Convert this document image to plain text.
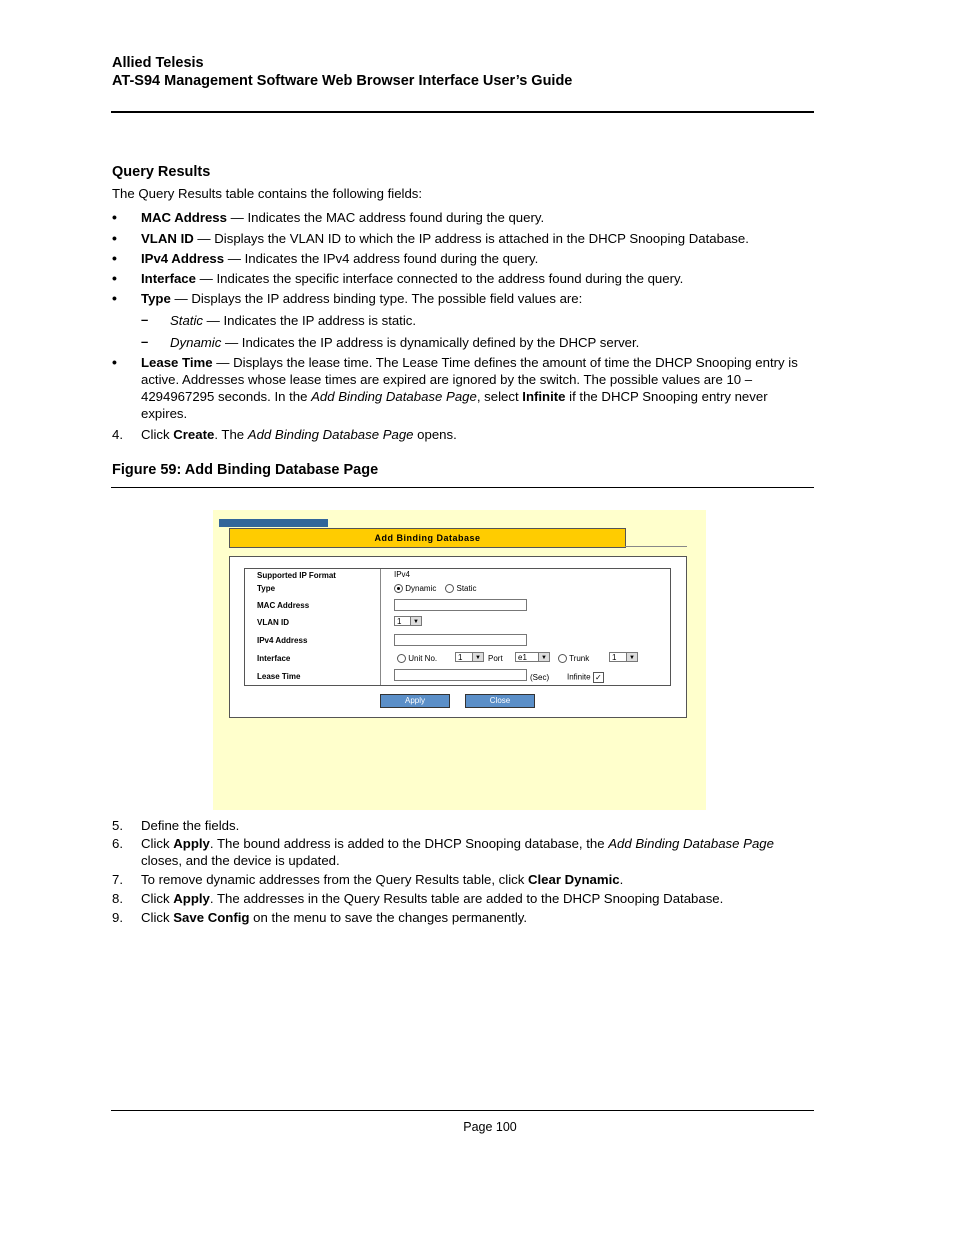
Allied Telesis
AT-S94 Management Software Web Browser Interface User’s Guide
Query Results
The Query Results table contains the following fields:
• MAC Address — Indicates the MAC address found during the query.
• VLAN ID — Displays the VLAN ID to which the IP address is attached in the DHCP Snooping Database.
• IPv4 Address — Indicates the IPv4 address found during the query.
• Interface — Indicates the specific interface connected to the address found during the query.
• Type — Displays the IP address binding type. The possible field values are:
– Static — Indicates the IP address is static.
– Dynamic — Indicates the IP address is dynamically defined by the DHCP server.
• Lease Time — Displays the lease time. The Lease Time defines the amount of time the DHCP Snooping entry is active. Addresses whose lease times are expired are ignored by the switch. The possible values are 10 – 4294967295 seconds. In the Add Binding Database Page, select Infinite if the DHCP Snooping entry never expires.
4. Click Create. The Add Binding Database Page opens.
Figure 59: Add Binding Database Page
Add Binding Database
Supported IP Format	IPv4
Type	Dynamic	Static
MAC Address
VLAN ID	1	▼
IPv4 Address
Interface	Unit No.	1	▼ Port	e1	▼	Trunk	1	▼
Lease Time	(Sec) Infinite ✓
Apply	Close
5. Define the fields.
6. Click Apply. The bound address is added to the DHCP Snooping database, the Add Binding Database Page closes, and the device is updated.
7. To remove dynamic addresses from the Query Results table, click Clear Dynamic.
8. Click Apply. The addresses in the Query Results table are added to the DHCP Snooping Database.
9. Click Save Config on the menu to save the changes permanently.
Page 100
